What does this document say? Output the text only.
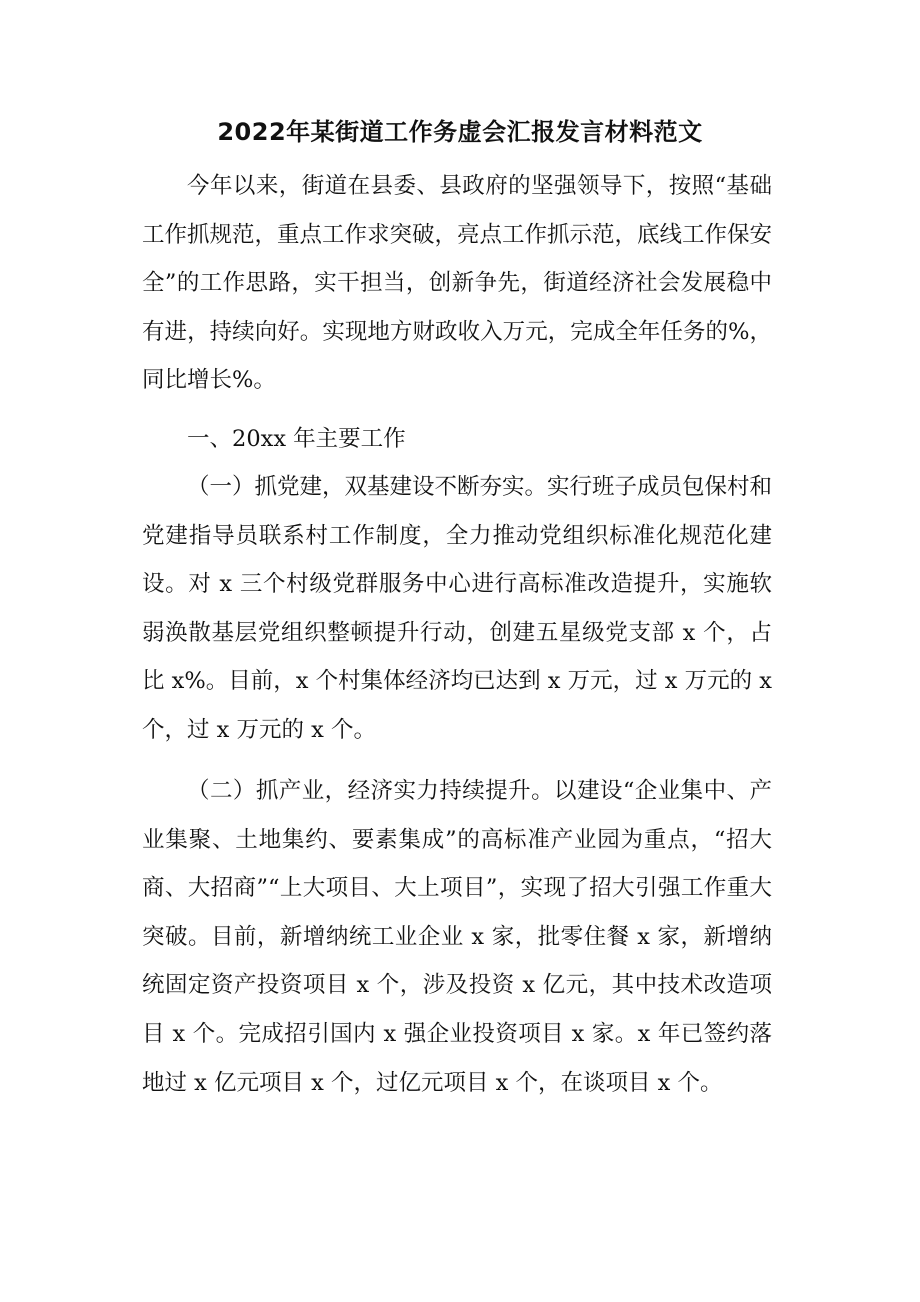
2022年某街道工作务虚会汇报发言材料范文

今年以来，街道在县委、县政府的坚强领导下，按照“基础工作抓规范，重点工作求突破，亮点工作抓示范，底线工作保安全”的工作思路，实干担当，创新争先，街道经济社会发展稳中有进，持续向好。实现地方财政收入万元，完成全年任务的%，同比增长%。

一、20xx 年主要工作

（一）抓党建，双基建设不断夯实。实行班子成员包保村和党建指导员联系村工作制度，全力推动党组织标准化规范化建设。对 x 三个村级党群服务中心进行高标准改造提升，实施软弱涣散基层党组织整顿提升行动，创建五星级党支部 x 个，占比 x%。目前，x 个村集体经济均已达到 x 万元，过 x 万元的 x 个，过 x 万元的 x 个。

（二）抓产业，经济实力持续提升。以建设“企业集中、产业集聚、土地集约、要素集成”的高标准产业园为重点，“招大商、大招商”“上大项目、大上项目”，实现了招大引强工作重大突破。目前，新增纳统工业企业 x 家，批零住餐 x 家，新增纳统固定资产投资项目 x 个，涉及投资 x 亿元，其中技术改造项目 x 个。完成招引国内 x 强企业投资项目 x 家。x 年已签约落地过 x 亿元项目 x 个，过亿元项目 x 个，在谈项目 x 个。
